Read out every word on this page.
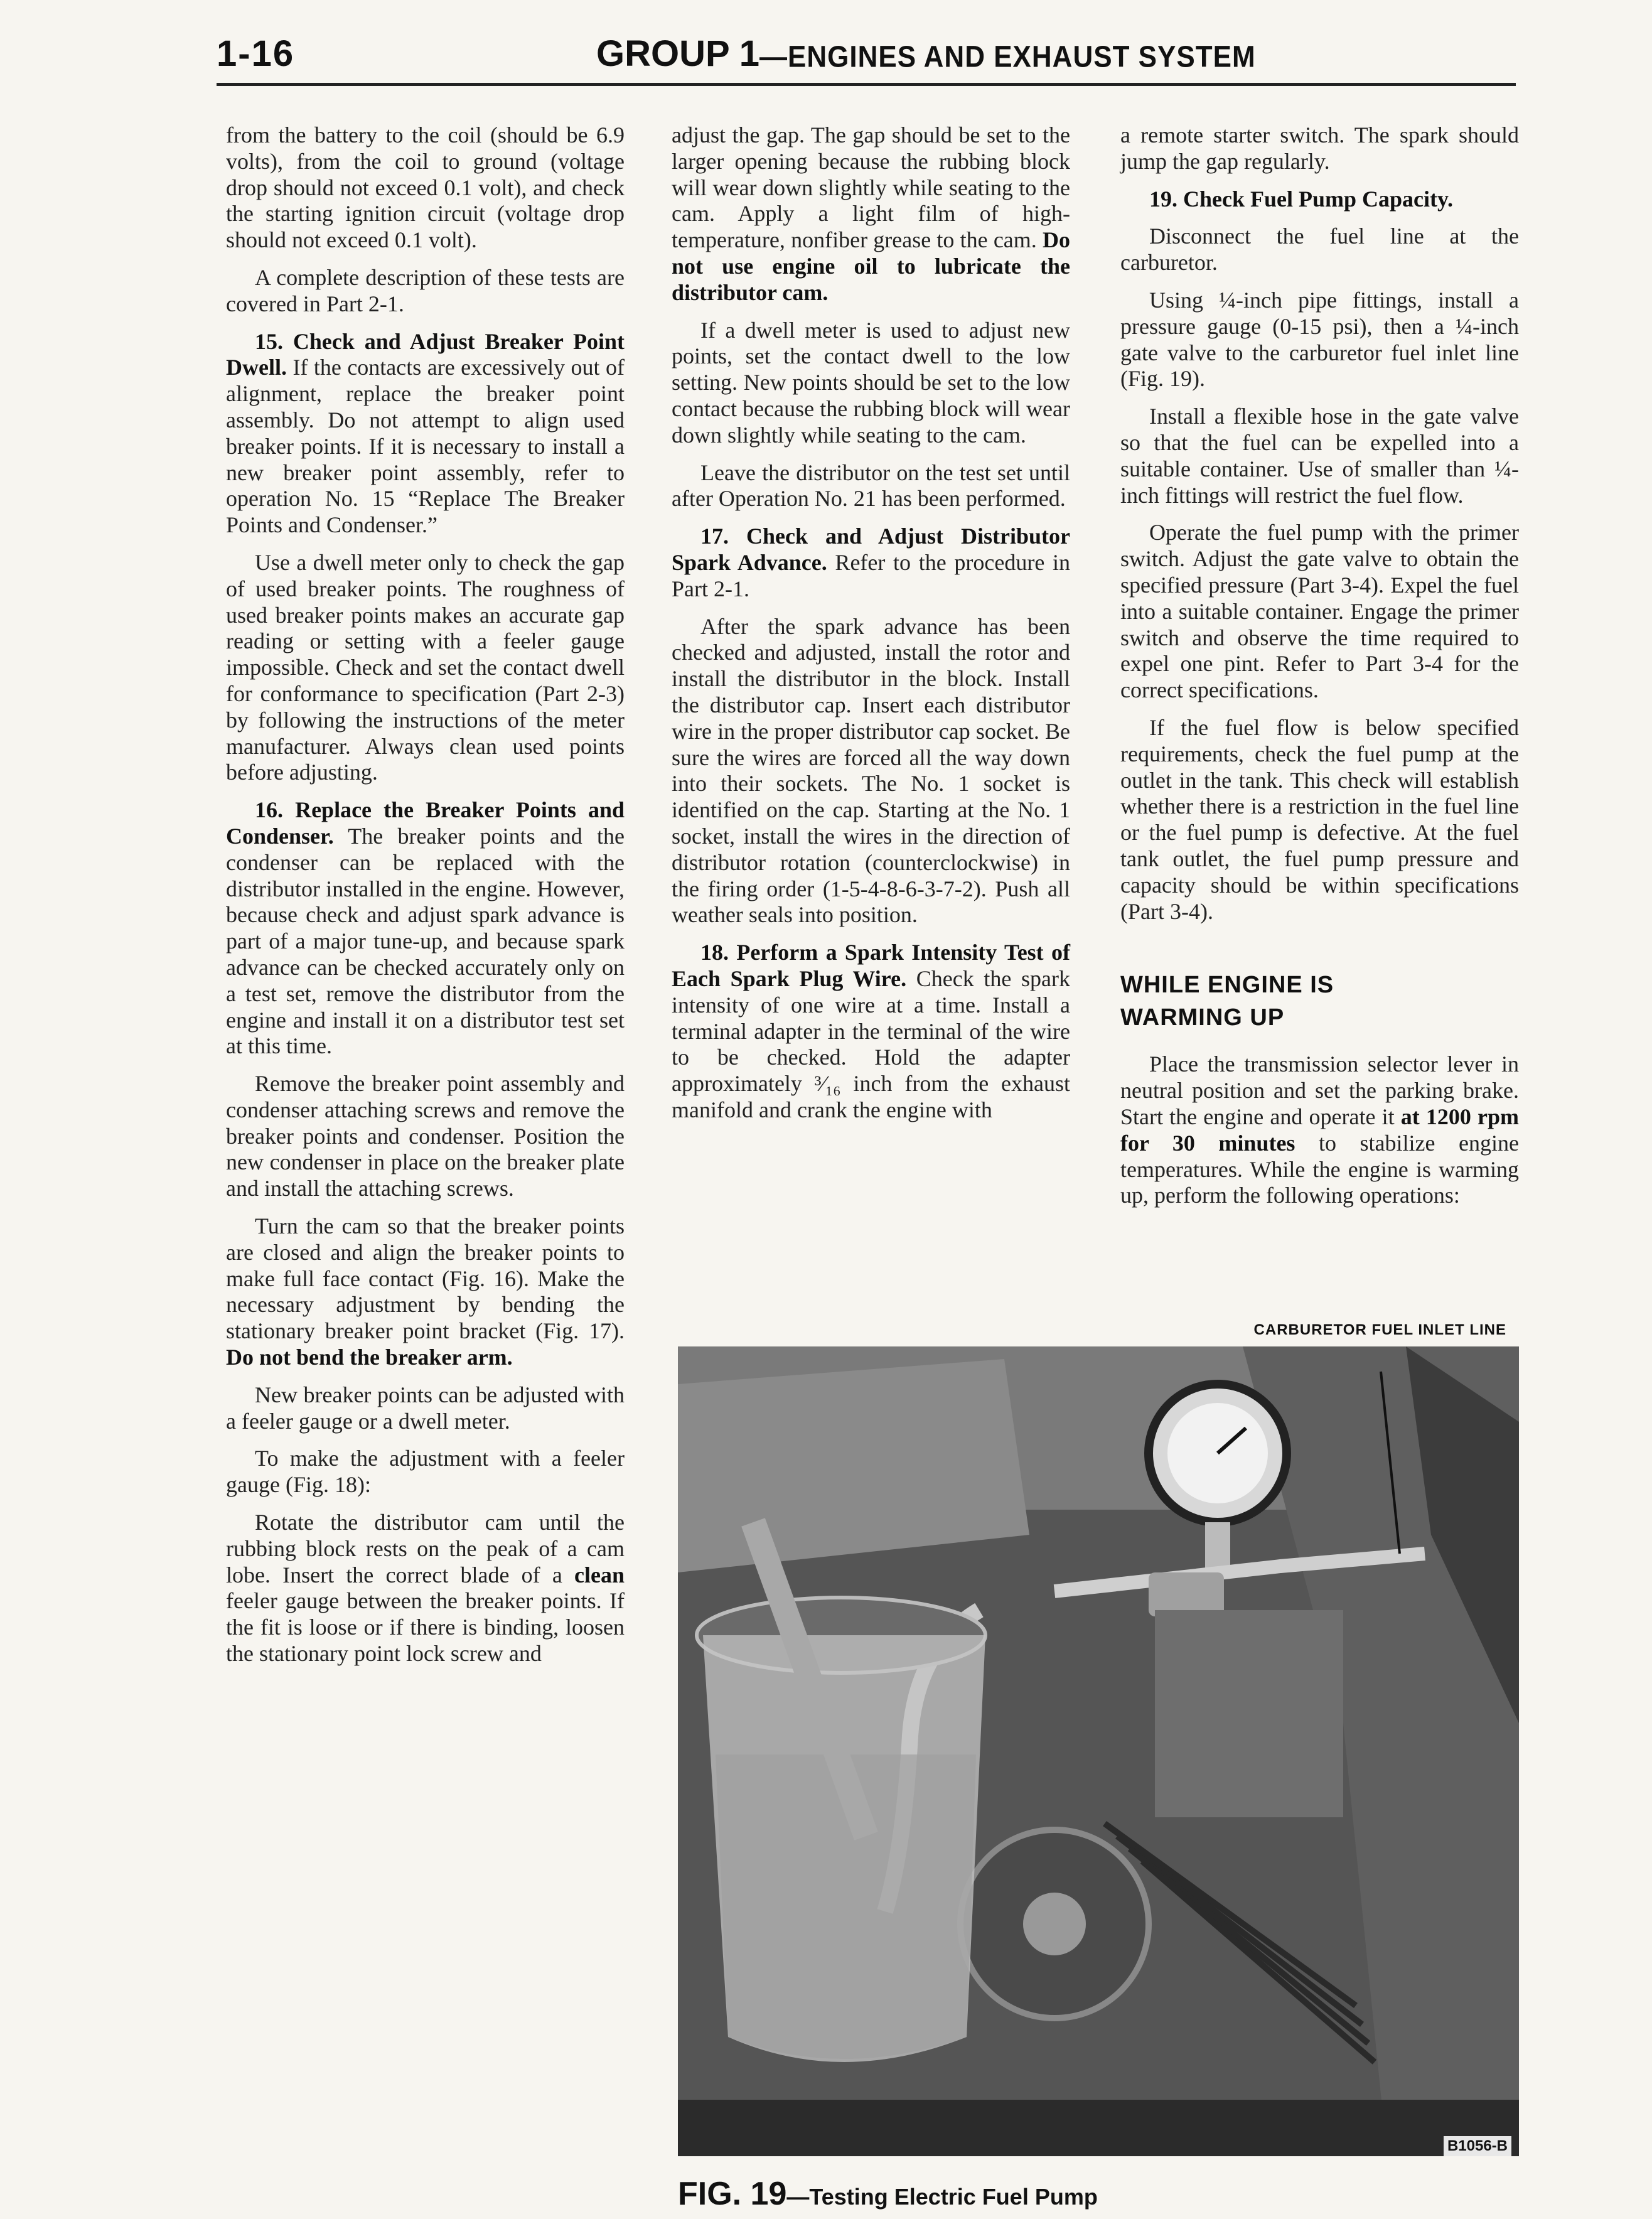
1-16	GROUP 1—ENGINES AND EXHAUST SYSTEM

from the battery to the coil (should be 6.9 volts), from the coil to ground (voltage drop should not exceed 0.1 volt), and check the starting ignition circuit (voltage drop should not exceed 0.1 volt).

A complete description of these tests are covered in Part 2-1.

15. Check and Adjust Breaker Point Dwell. If the contacts are excessively out of alignment, replace the breaker point assembly. Do not attempt to align used breaker points. If it is necessary to install a new breaker point assembly, refer to operation No. 15 “Replace The Breaker Points and Condenser.”

Use a dwell meter only to check the gap of used breaker points. The roughness of used breaker points makes an accurate gap reading or setting with a feeler gauge impossible. Check and set the contact dwell for conformance to specification (Part 2-3) by following the instructions of the meter manufacturer. Always clean used points before adjusting.

16. Replace the Breaker Points and Condenser. The breaker points and the condenser can be replaced with the distributor installed in the engine. However, because check and adjust spark advance is part of a major tune-up, and because spark advance can be checked accurately only on a test set, remove the distributor from the engine and install it on a distributor test set at this time.

Remove the breaker point assembly and condenser attaching screws and remove the breaker points and condenser. Position the new condenser in place on the breaker plate and install the attaching screws.

Turn the cam so that the breaker points are closed and align the breaker points to make full face contact (Fig. 16). Make the necessary adjustment by bending the stationary breaker point bracket (Fig. 17). Do not bend the breaker arm.

New breaker points can be adjusted with a feeler gauge or a dwell meter.

To make the adjustment with a feeler gauge (Fig. 18):

Rotate the distributor cam until the rubbing block rests on the peak of a cam lobe. Insert the correct blade of a clean feeler gauge between the breaker points. If the fit is loose or if there is binding, loosen the stationary point lock screw and

adjust the gap. The gap should be set to the larger opening because the rubbing block will wear down slightly while seating to the cam. Apply a light film of high-temperature, nonfiber grease to the cam. Do not use engine oil to lubricate the distributor cam.

If a dwell meter is used to adjust new points, set the contact dwell to the low setting. New points should be set to the low contact because the rubbing block will wear down slightly while seating to the cam.

Leave the distributor on the test set until after Operation No. 21 has been performed.

17. Check and Adjust Distributor Spark Advance. Refer to the procedure in Part 2-1.

After the spark advance has been checked and adjusted, install the rotor and install the distributor in the block. Install the distributor cap. Insert each distributor wire in the proper distributor cap socket. Be sure the wires are forced all the way down into their sockets. The No. 1 socket is identified on the cap. Starting at the No. 1 socket, install the wires in the direction of distributor rotation (counterclockwise) in the firing order (1-5-4-8-6-3-7-2). Push all weather seals into position.

18. Perform a Spark Intensity Test of Each Spark Plug Wire. Check the spark intensity of one wire at a time. Install a terminal adapter in the terminal of the wire to be checked. Hold the adapter approximately ³⁄₁₆ inch from the exhaust manifold and crank the engine with

a remote starter switch. The spark should jump the gap regularly.

19. Check Fuel Pump Capacity.

Disconnect the fuel line at the carburetor.

Using ¼-inch pipe fittings, install a pressure gauge (0-15 psi), then a ¼-inch gate valve to the carburetor fuel inlet line (Fig. 19).

Install a flexible hose in the gate valve so that the fuel can be expelled into a suitable container. Use of smaller than ¼-inch fittings will restrict the fuel flow.

Operate the fuel pump with the primer switch. Adjust the gate valve to obtain the specified pressure (Part 3-4). Expel the fuel into a suitable container. Engage the primer switch and observe the time required to expel one pint. Refer to Part 3-4 for the correct specifications.

If the fuel flow is below specified requirements, check the fuel pump at the outlet in the tank. This check will establish whether there is a restriction in the fuel line or the fuel pump is defective. At the fuel tank outlet, the fuel pump pressure and capacity should be within specifications (Part 3-4).

WHILE ENGINE IS
WARMING UP

Place the transmission selector lever in neutral position and set the parking brake. Start the engine and operate it at 1200 rpm for 30 minutes to stabilize engine temperatures. While the engine is warming up, perform the following operations:

CARBURETOR FUEL INLET LINE
B1056-B
FIG. 19—Testing Electric Fuel Pump
